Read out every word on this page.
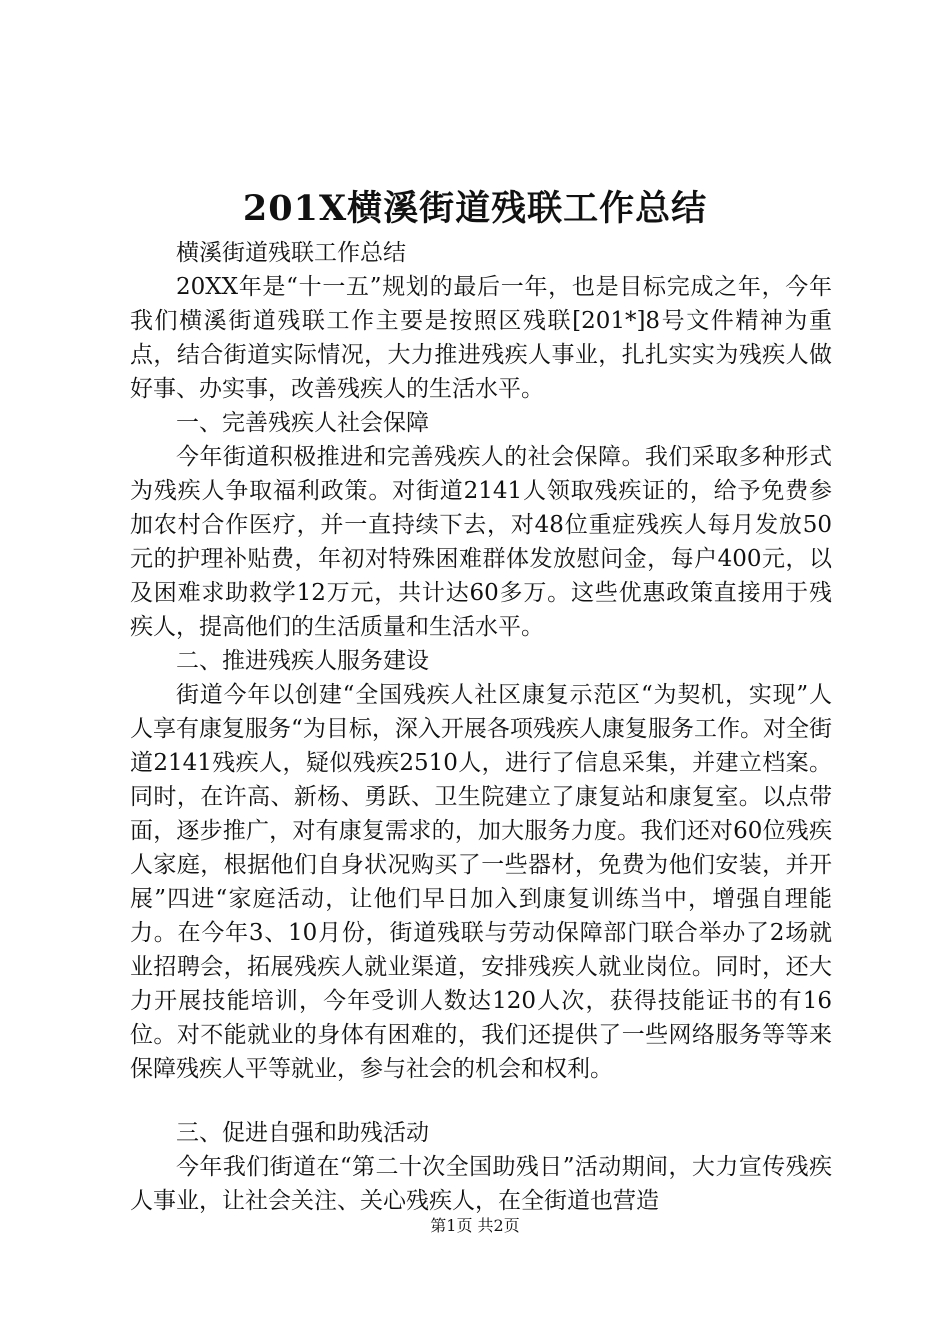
201X横溪街道残联工作总结

横溪街道残联工作总结

20XX年是“十一五”规划的最后一年，也是目标完成之年，今年我们横溪街道残联工作主要是按照区残联[201*]8号文件精神为重点，结合街道实际情况，大力推进残疾人事业，扎扎实实为残疾人做好事、办实事，改善残疾人的生活水平。

一、完善残疾人社会保障

今年街道积极推进和完善残疾人的社会保障。我们采取多种形式为残疾人争取福利政策。对街道2141人领取残疾证的，给予免费参加农村合作医疗，并一直持续下去，对48位重症残疾人每月发放50元的护理补贴费，年初对特殊困难群体发放慰问金，每户400元，以及困难求助救学12万元，共计达60多万。这些优惠政策直接用于残疾人，提高他们的生活质量和生活水平。

二、推进残疾人服务建设

街道今年以创建“全国残疾人社区康复示范区“为契机，实现”人人享有康复服务“为目标，深入开展各项残疾人康复服务工作。对全街道2141残疾人，疑似残疾2510人，进行了信息采集，并建立档案。同时，在许高、新杨、勇跃、卫生院建立了康复站和康复室。以点带面，逐步推广，对有康复需求的，加大服务力度。我们还对60位残疾人家庭，根据他们自身状况购买了一些器材，免费为他们安装，并开展”四进“家庭活动，让他们早日加入到康复训练当中，增强自理能力。在今年3、10月份，街道残联与劳动保障部门联合举办了2场就业招聘会，拓展残疾人就业渠道，安排残疾人就业岗位。同时，还大力开展技能培训，今年受训人数达120人次，获得技能证书的有16位。对不能就业的身体有困难的，我们还提供了一些网络服务等等来保障残疾人平等就业，参与社会的机会和权利。

三、促进自强和助残活动

今年我们街道在“第二十次全国助残日”活动期间，大力宣传残疾人事业，让社会关注、关心残疾人，在全街道也营造

第1页 共2页
